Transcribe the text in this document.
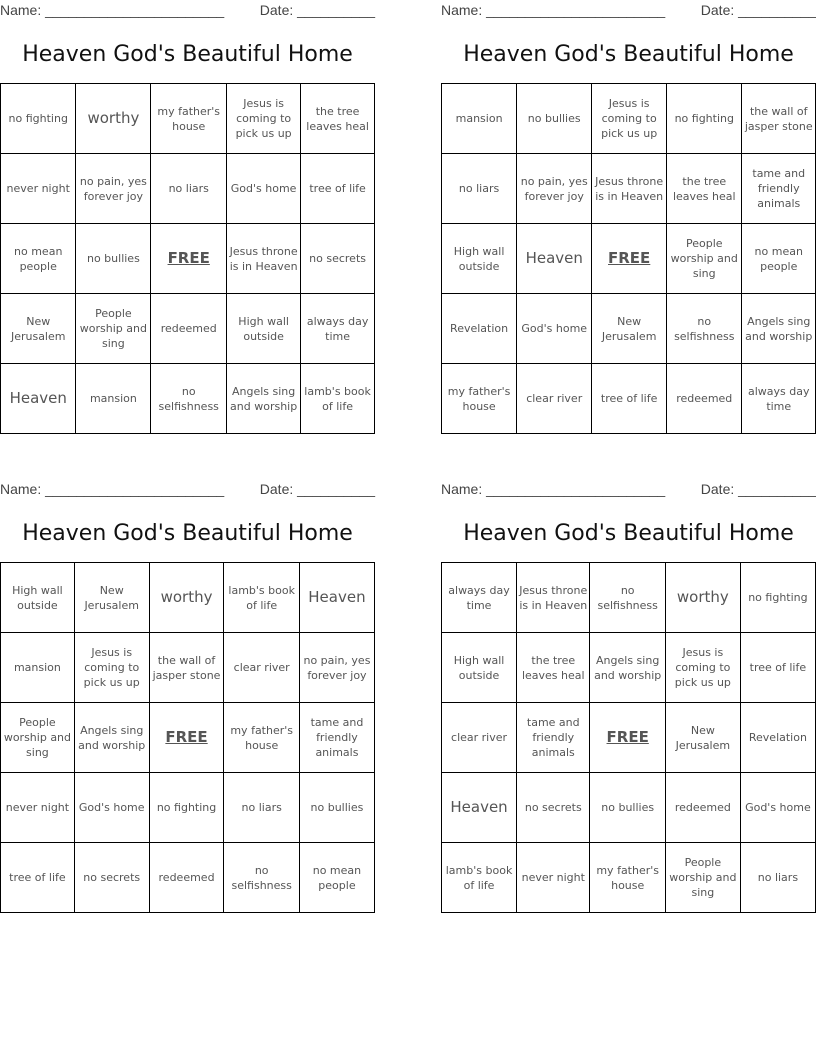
Name: _______________________	Date: __________
Heaven God's Beautiful Home
no fighting	worthy	my father's house	Jesus is coming to pick us up	the tree leaves heal
never night	no pain, yes forever joy	no liars	God's home	tree of life
no mean people	no bullies	FREE	Jesus throne is in Heaven	no secrets
New Jerusalem	People worship and sing	redeemed	High wall outside	always day time
Heaven	mansion	no selfishness	Angels sing and worship	lamb's book of life
Name: _______________________	Date: __________
Heaven God's Beautiful Home
mansion	no bullies	Jesus is coming to pick us up	no fighting	the wall of jasper stone
no liars	no pain, yes forever joy	Jesus throne is in Heaven	the tree leaves heal	tame and friendly animals
High wall outside	Heaven	FREE	People worship and sing	no mean people
Revelation	God's home	New Jerusalem	no selfishness	Angels sing and worship
my father's house	clear river	tree of life	redeemed	always day time
Name: _______________________	Date: __________
Heaven God's Beautiful Home
High wall outside	New Jerusalem	worthy	lamb's book of life	Heaven
mansion	Jesus is coming to pick us up	the wall of jasper stone	clear river	no pain, yes forever joy
People worship and sing	Angels sing and worship	FREE	my father's house	tame and friendly animals
never night	God's home	no fighting	no liars	no bullies
tree of life	no secrets	redeemed	no selfishness	no mean people
Name: _______________________	Date: __________
Heaven God's Beautiful Home
always day time	Jesus throne is in Heaven	no selfishness	worthy	no fighting
High wall outside	the tree leaves heal	Angels sing and worship	Jesus is coming to pick us up	tree of life
clear river	tame and friendly animals	FREE	New Jerusalem	Revelation
Heaven	no secrets	no bullies	redeemed	God's home
lamb's book of life	never night	my father's house	People worship and sing	no liars
